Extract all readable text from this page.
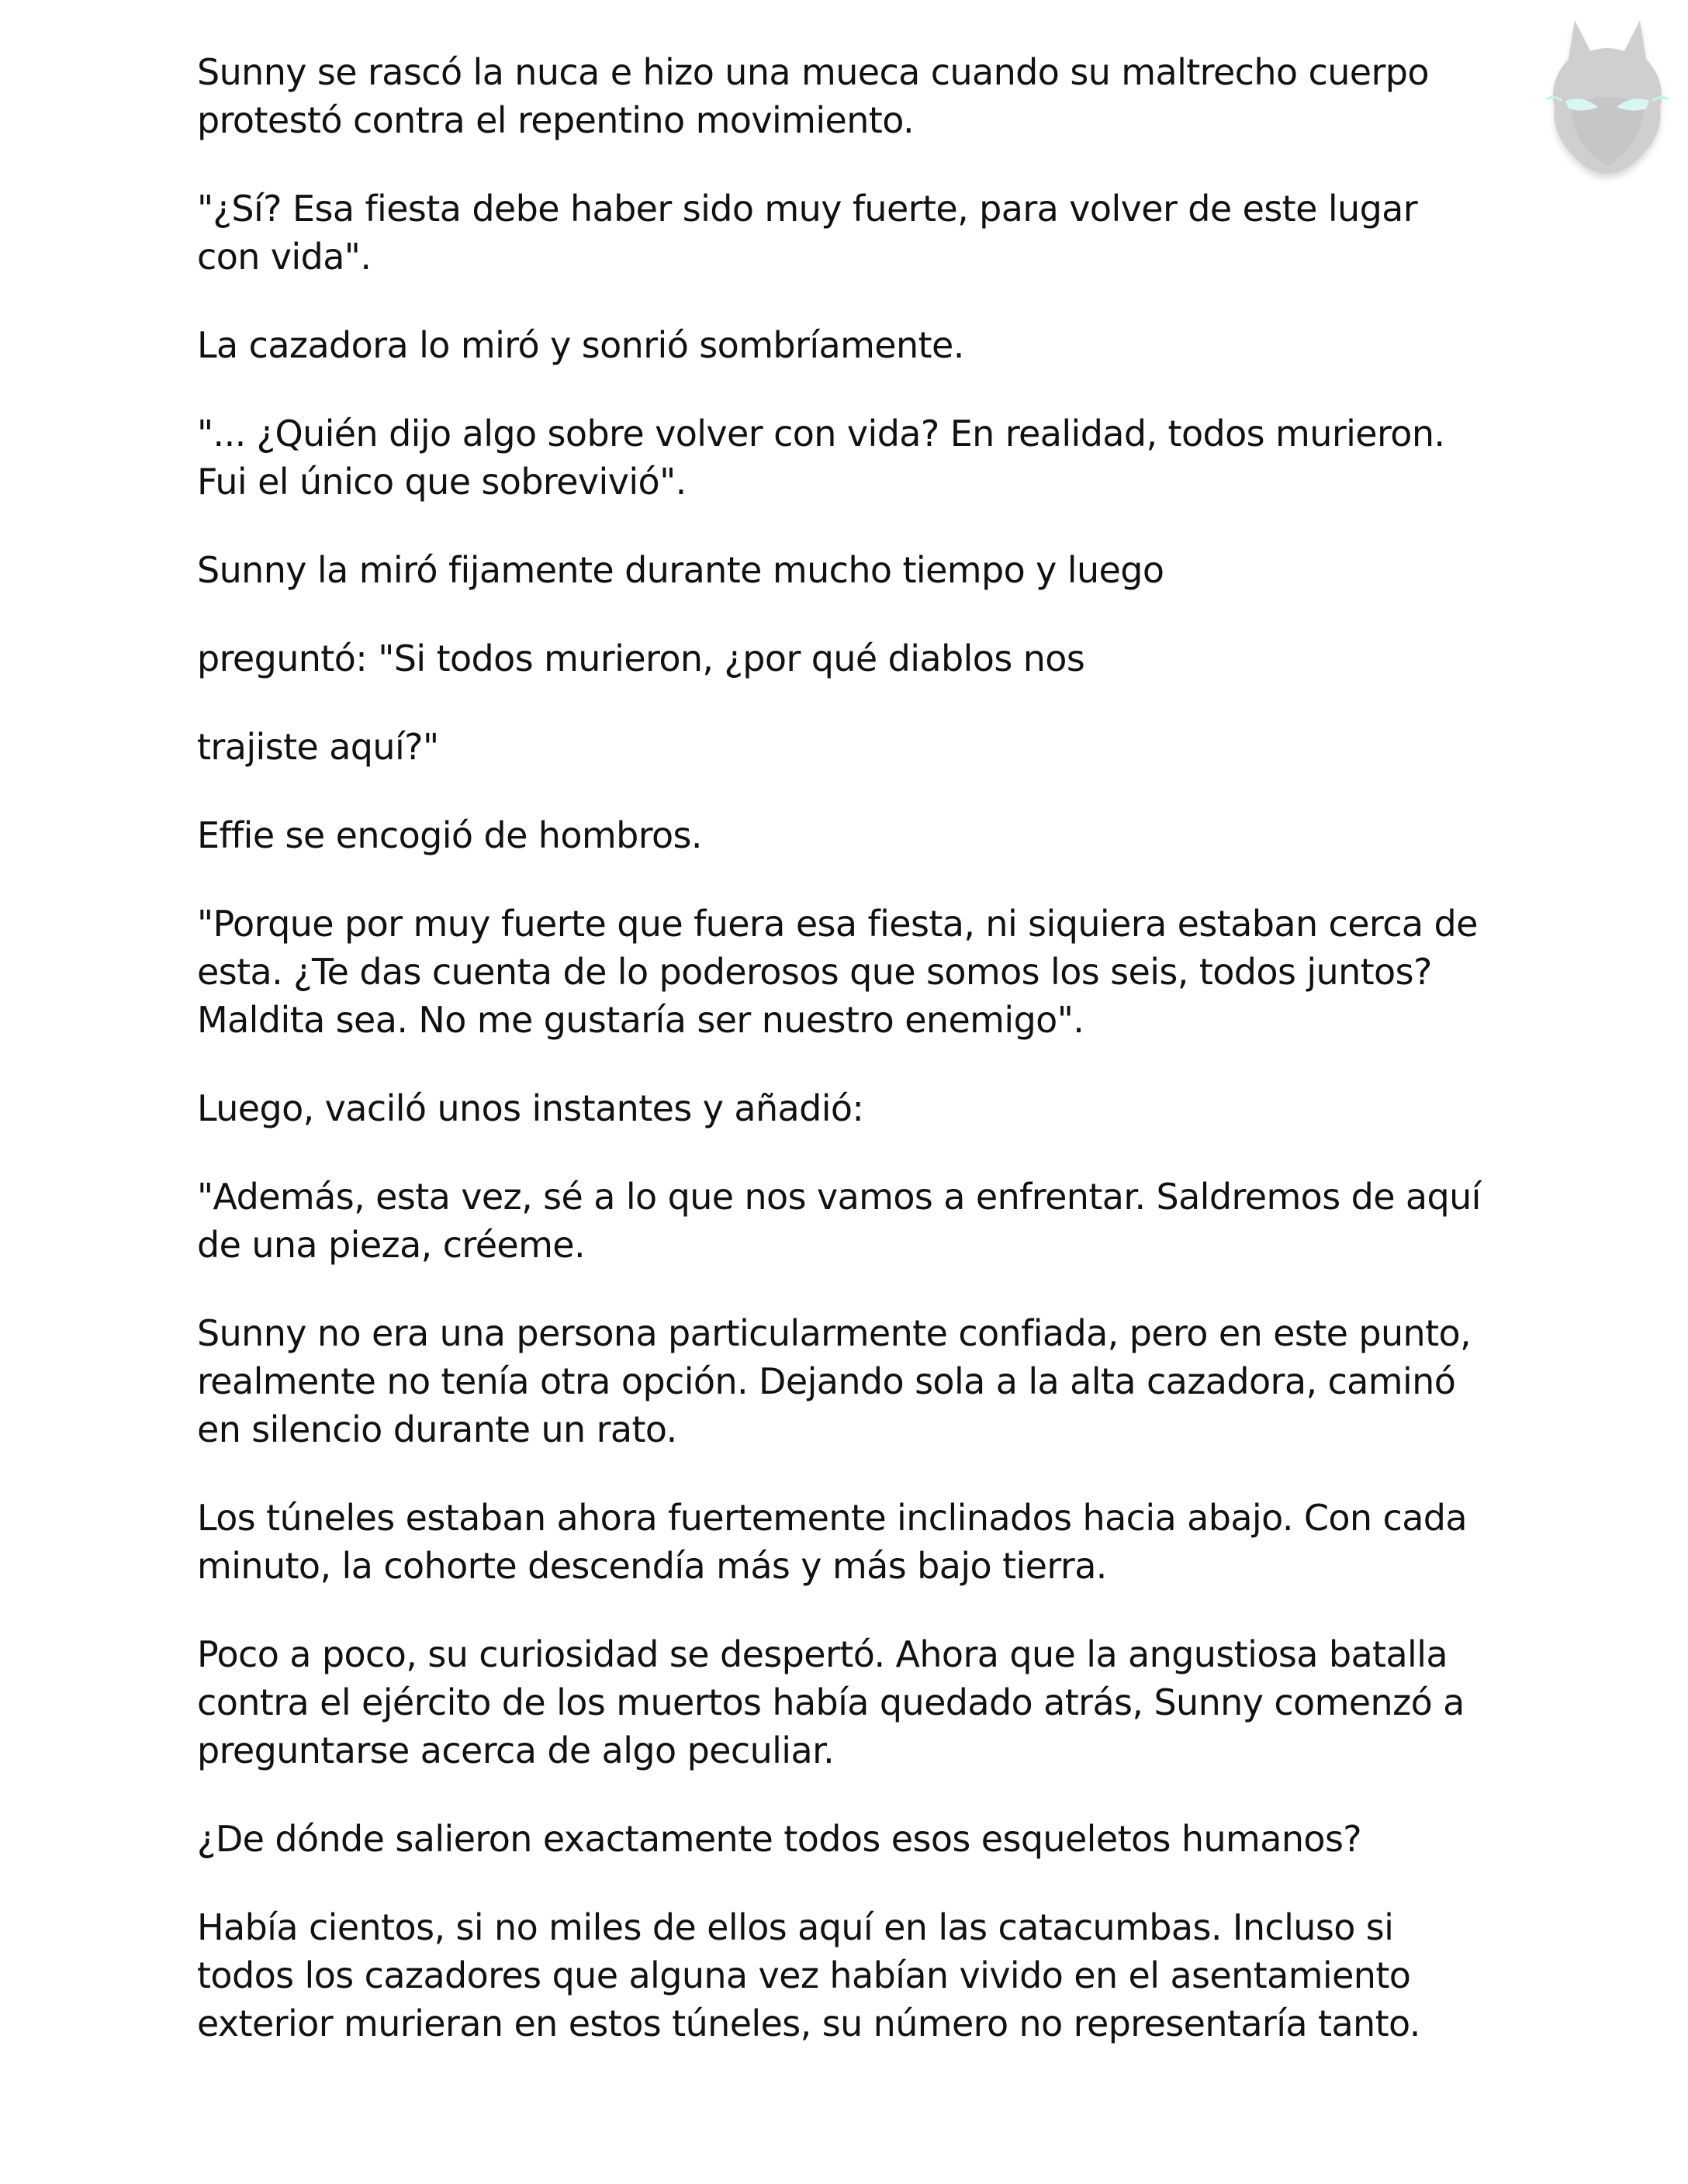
Sunny se rascó la nuca e hizo una mueca cuando su maltrecho cuerpo protestó contra el repentino movimiento.

"¿Sí? Esa fiesta debe haber sido muy fuerte, para volver de este lugar con vida".

La cazadora lo miró y sonrió sombríamente.

"... ¿Quién dijo algo sobre volver con vida? En realidad, todos murieron. Fui el único que sobrevivió".

Sunny la miró fijamente durante mucho tiempo y luego

preguntó: "Si todos murieron, ¿por qué diablos nos

trajiste aquí?"

Effie se encogió de hombros.

"Porque por muy fuerte que fuera esa fiesta, ni siquiera estaban cerca de esta. ¿Te das cuenta de lo poderosos que somos los seis, todos juntos? Maldita sea. No me gustaría ser nuestro enemigo".

Luego, vaciló unos instantes y añadió:

"Además, esta vez, sé a lo que nos vamos a enfrentar. Saldremos de aquí de una pieza, créeme.

Sunny no era una persona particularmente confiada, pero en este punto, realmente no tenía otra opción. Dejando sola a la alta cazadora, caminó en silencio durante un rato.

Los túneles estaban ahora fuertemente inclinados hacia abajo. Con cada minuto, la cohorte descendía más y más bajo tierra.

Poco a poco, su curiosidad se despertó. Ahora que la angustiosa batalla contra el ejército de los muertos había quedado atrás, Sunny comenzó a preguntarse acerca de algo peculiar.

¿De dónde salieron exactamente todos esos esqueletos humanos?

Había cientos, si no miles de ellos aquí en las catacumbas. Incluso si todos los cazadores que alguna vez habían vivido en el asentamiento exterior murieran en estos túneles, su número no representaría tanto.
